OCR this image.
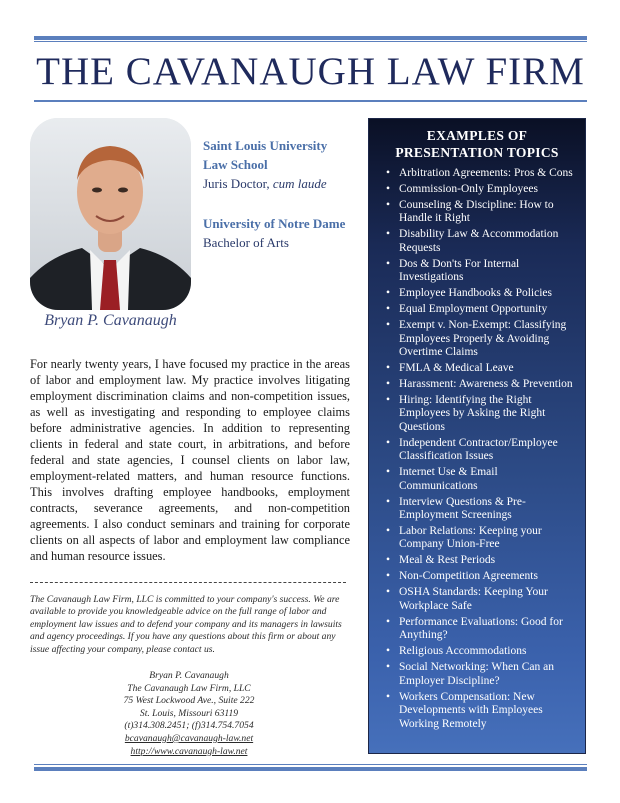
THE CAVANAUGH LAW FIRM
Bryan P. Cavanaugh
Saint Louis University
Law School
Juris Doctor, cum laude
University of Notre Dame
Bachelor of Arts
For nearly twenty years, I have focused my practice in the areas of labor and employment law. My practice involves litigating employment discrimination claims and non-competition issues, as well as investigating and responding to employee claims before administrative agencies. In addition to representing clients in federal and state court, in arbitrations, and before federal and state agencies, I counsel clients on labor law, employment-related matters, and human resource functions. This involves drafting employee handbooks, employment contracts, severance agreements, and non-competition agreements. I also conduct seminars and training for corporate clients on all aspects of labor and employment law compliance and human resource issues.
The Cavanaugh Law Firm, LLC is committed to your company's success. We are available to provide you knowledgeable advice on the full range of labor and employment law issues and to defend your company and its managers in lawsuits and agency proceedings. If you have any questions about this firm or about any issue affecting your company, please contact us.
Bryan P. Cavanaugh
The Cavanaugh Law Firm, LLC
75 West Lockwood Ave., Suite 222
St. Louis, Missouri 63119
(t)314.308.2451; (f)314.754.7054
bcavanaugh@cavanaugh-law.net
http://www.cavanaugh-law.net
EXAMPLES OF
PRESENTATION TOPICS
• Arbitration Agreements: Pros & Cons
• Commission-Only Employees
• Counseling & Discipline: How to Handle it Right
• Disability Law & Accommodation Requests
• Dos & Don'ts For Internal Investigations
• Employee Handbooks & Policies
• Equal Employment Opportunity
• Exempt v. Non-Exempt: Classifying Employees Properly & Avoiding Overtime Claims
• FMLA & Medical Leave
• Harassment: Awareness & Prevention
• Hiring: Identifying the Right Employees by Asking the Right Questions
• Independent Contractor/Employee Classification Issues
• Internet Use & Email Communications
• Interview Questions & Pre-Employment Screenings
• Labor Relations: Keeping your Company Union-Free
• Meal & Rest Periods
• Non-Competition Agreements
• OSHA Standards: Keeping Your Workplace Safe
• Performance Evaluations: Good for Anything?
• Religious Accommodations
• Social Networking: When Can an Employer Discipline?
• Workers Compensation: New Developments with Employees Working Remotely
